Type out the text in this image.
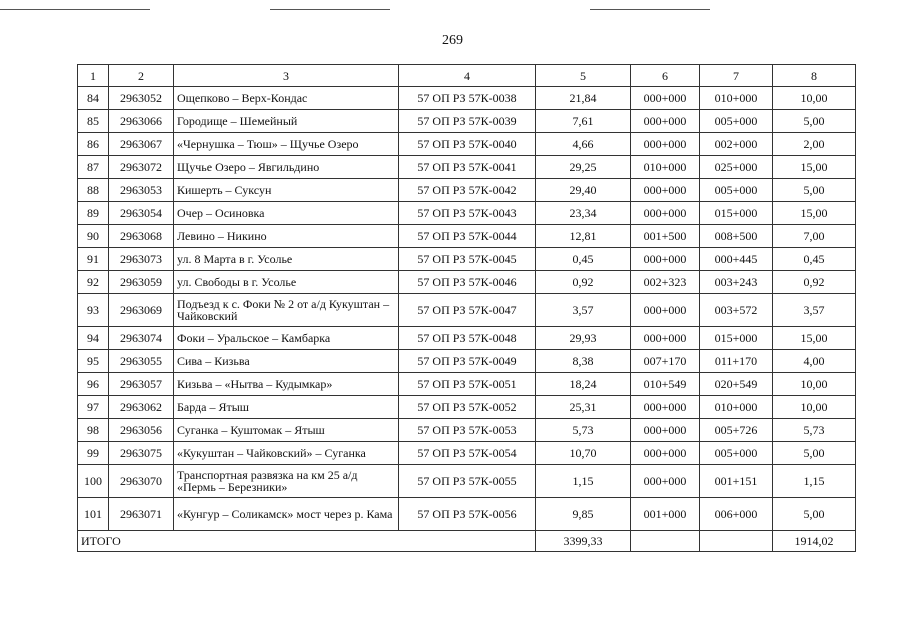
269
1	2	3	4	5	6	7	8
84	2963052	Ощепково – Верх-Кондас	57 ОП РЗ 57К-0038	21,84	000+000	010+000	10,00
85	2963066	Городище – Шемейный	57 ОП РЗ 57К-0039	7,61	000+000	005+000	5,00
86	2963067	«Чернушка – Тюш» – Щучье Озеро	57 ОП РЗ 57К-0040	4,66	000+000	002+000	2,00
87	2963072	Щучье Озеро – Явгильдино	57 ОП РЗ 57К-0041	29,25	010+000	025+000	15,00
88	2963053	Кишерть – Суксун	57 ОП РЗ 57К-0042	29,40	000+000	005+000	5,00
89	2963054	Очер – Осиновка	57 ОП РЗ 57К-0043	23,34	000+000	015+000	15,00
90	2963068	Левино – Никино	57 ОП РЗ 57К-0044	12,81	001+500	008+500	7,00
91	2963073	ул. 8 Марта в г. Усолье	57 ОП РЗ 57К-0045	0,45	000+000	000+445	0,45
92	2963059	ул. Свободы в г. Усолье	57 ОП РЗ 57К-0046	0,92	002+323	003+243	0,92
93	2963069	Подъезд к с. Фоки № 2 от а/д Кукуштан – Чайковский	57 ОП РЗ 57К-0047	3,57	000+000	003+572	3,57
94	2963074	Фоки – Уральское – Камбарка	57 ОП РЗ 57К-0048	29,93	000+000	015+000	15,00
95	2963055	Сива – Кизьва	57 ОП РЗ 57К-0049	8,38	007+170	011+170	4,00
96	2963057	Кизьва – «Нытва – Кудымкар»	57 ОП РЗ 57К-0051	18,24	010+549	020+549	10,00
97	2963062	Барда – Ятыш	57 ОП РЗ 57К-0052	25,31	000+000	010+000	10,00
98	2963056	Суганка – Куштомак – Ятыш	57 ОП РЗ 57К-0053	5,73	000+000	005+726	5,73
99	2963075	«Кукуштан – Чайковский» – Суганка	57 ОП РЗ 57К-0054	10,70	000+000	005+000	5,00
100	2963070	Транспортная развязка на км 25 а/д «Пермь – Березники»	57 ОП РЗ 57К-0055	1,15	000+000	001+151	1,15
101	2963071	«Кунгур – Соликамск» мост через р. Кама	57 ОП РЗ 57К-0056	9,85	001+000	006+000	5,00
ИТОГО				3399,33			1914,02
